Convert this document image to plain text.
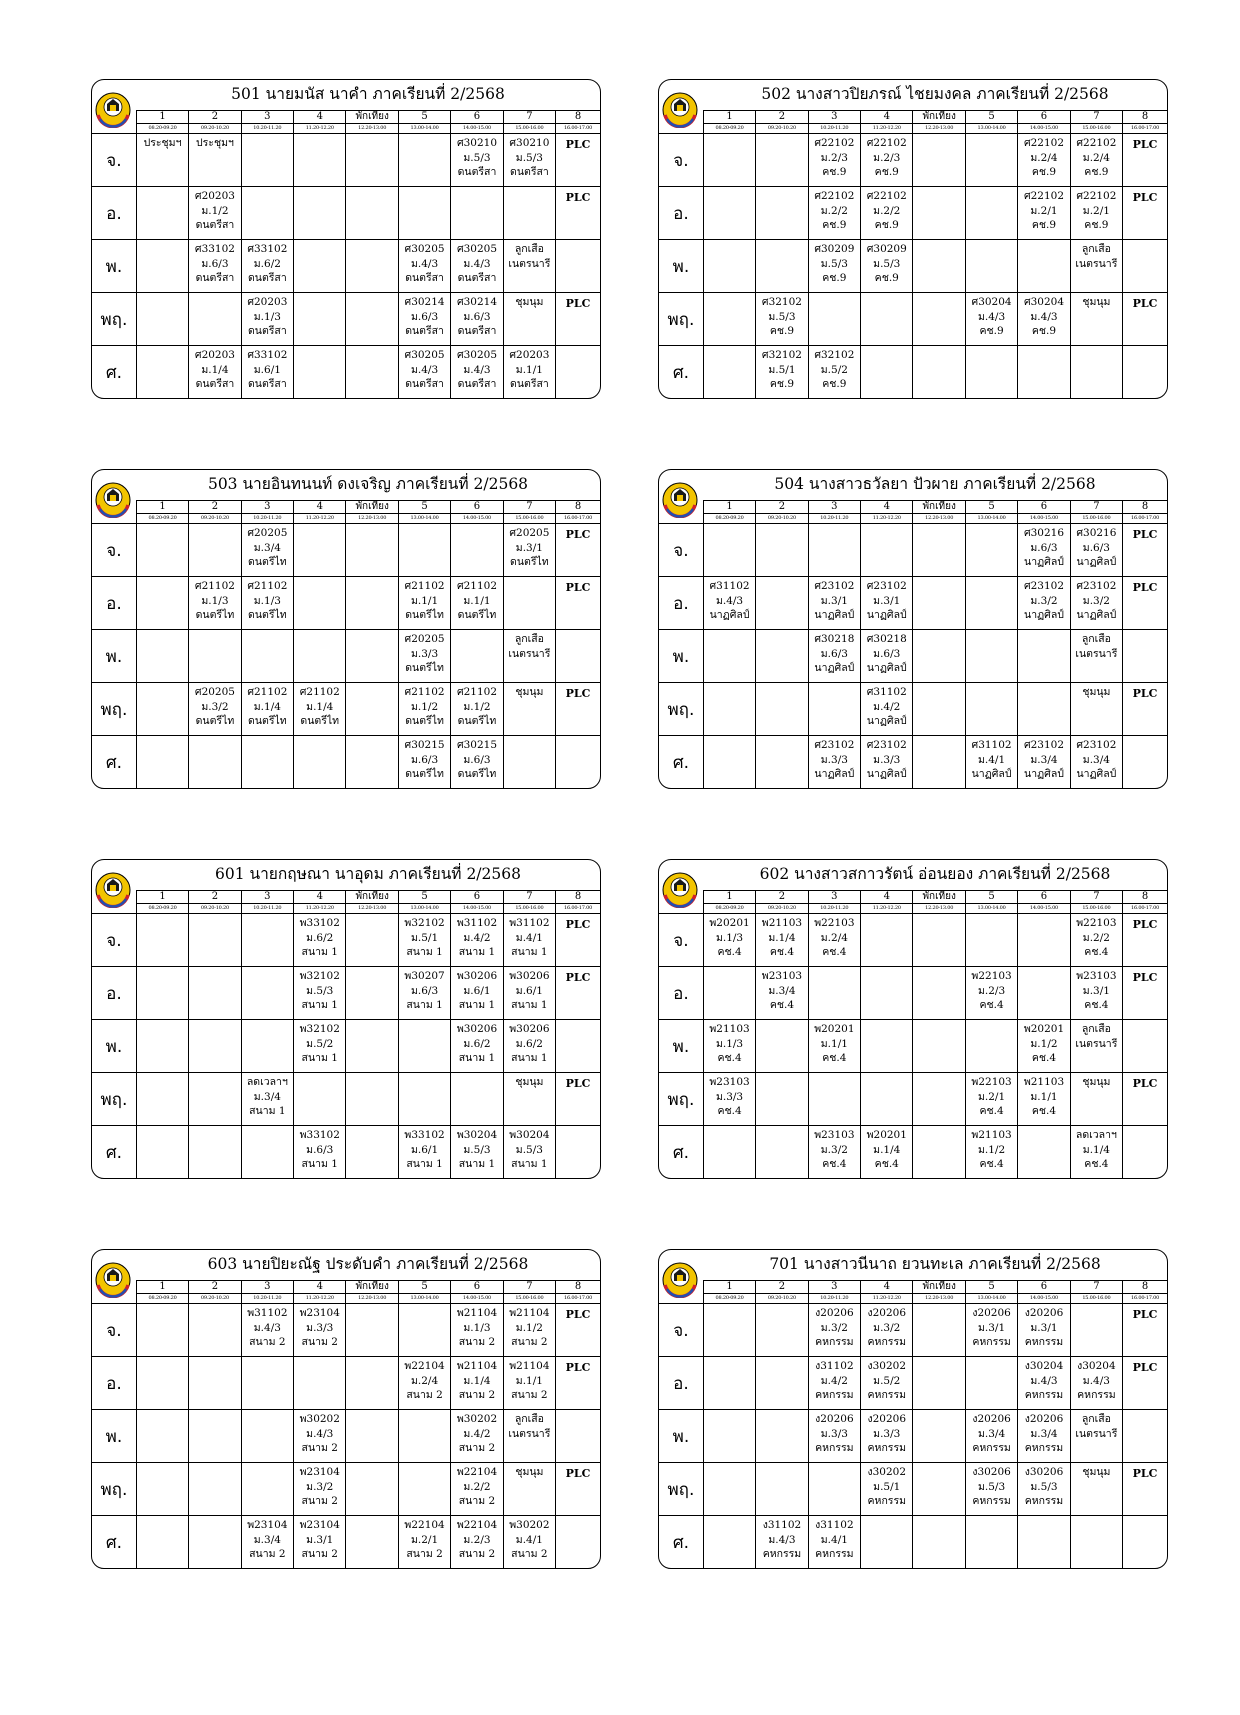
501 นายมนัส นาคำ ภาคเรียนที่ 2/2568
	1	2	3	4	พักเที่ยง	5	6	7	8
	08.20-09.20	09.20-10.20	10.20-11.20	11.20-12.20	12.20-13.00	13.00-14.00	14.00-15.00	15.00-16.00	16.00-17.00
จ.	ประชุมฯ	ประชุมฯ					ศ30210
ม.5/3
ดนตรีสา	ศ30210
ม.5/3
ดนตรีสา	PLC

อ.		ศ20203
ม.1/2
ดนตรีสา							PLC

พ.		ศ33102
ม.6/3
ดนตรีสา	ศ33102
ม.6/2
ดนตรีสา			ศ30205
ม.4/3
ดนตรีสา	ศ30205
ม.4/3
ดนตรีสา	ลูกเสือ
เนตรนารี	

พฤ.			ศ20203
ม.1/3
ดนตรีสา			ศ30214
ม.6/3
ดนตรีสา	ศ30214
ม.6/3
ดนตรีสา	ชุมนุม	PLC

ศ.		ศ20203
ม.1/4
ดนตรีสา	ศ33102
ม.6/1
ดนตรีสา			ศ30205
ม.4/3
ดนตรีสา	ศ30205
ม.4/3
ดนตรีสา	ศ20203
ม.1/1
ดนตรีสา	

502 นางสาวปิยภรณ์ ไชยมงคล ภาคเรียนที่ 2/2568
	1	2	3	4	พักเที่ยง	5	6	7	8
	08.20-09.20	09.20-10.20	10.20-11.20	11.20-12.20	12.20-13.00	13.00-14.00	14.00-15.00	15.00-16.00	16.00-17.00
จ.			ศ22102
ม.2/3
คช.9	ศ22102
ม.2/3
คช.9			ศ22102
ม.2/4
คช.9	ศ22102
ม.2/4
คช.9	PLC

อ.			ศ22102
ม.2/2
คช.9	ศ22102
ม.2/2
คช.9			ศ22102
ม.2/1
คช.9	ศ22102
ม.2/1
คช.9	PLC

พ.			ศ30209
ม.5/3
คช.9	ศ30209
ม.5/3
คช.9				ลูกเสือ
เนตรนารี	

พฤ.		ศ32102
ม.5/3
คช.9				ศ30204
ม.4/3
คช.9	ศ30204
ม.4/3
คช.9	ชุมนุม	PLC

ศ.		ศ32102
ม.5/1
คช.9	ศ32102
ม.5/2
คช.9						

503 นายอินทนนท์ ดงเจริญ ภาคเรียนที่ 2/2568
	1	2	3	4	พักเที่ยง	5	6	7	8
	08.20-09.20	09.20-10.20	10.20-11.20	11.20-12.20	12.20-13.00	13.00-14.00	14.00-15.00	15.00-16.00	16.00-17.00
จ.			ศ20205
ม.3/4
ดนตรีไท					ศ20205
ม.3/1
ดนตรีไท	PLC

อ.		ศ21102
ม.1/3
ดนตรีไท	ศ21102
ม.1/3
ดนตรีไท			ศ21102
ม.1/1
ดนตรีไท	ศ21102
ม.1/1
ดนตรีไท		PLC

พ.						ศ20205
ม.3/3
ดนตรีไท		ลูกเสือ
เนตรนารี	

พฤ.		ศ20205
ม.3/2
ดนตรีไท	ศ21102
ม.1/4
ดนตรีไท	ศ21102
ม.1/4
ดนตรีไท		ศ21102
ม.1/2
ดนตรีไท	ศ21102
ม.1/2
ดนตรีไท	ชุมนุม	PLC

ศ.						ศ30215
ม.6/3
ดนตรีไท	ศ30215
ม.6/3
ดนตรีไท		

504 นางสาวธวัลยา ปัวผาย ภาคเรียนที่ 2/2568
	1	2	3	4	พักเที่ยง	5	6	7	8
	08.20-09.20	09.20-10.20	10.20-11.20	11.20-12.20	12.20-13.00	13.00-14.00	14.00-15.00	15.00-16.00	16.00-17.00
จ.							ศ30216
ม.6/3
นาฏศิลป์	ศ30216
ม.6/3
นาฏศิลป์	PLC

อ.	ศ31102
ม.4/3
นาฏศิลป์		ศ23102
ม.3/1
นาฏศิลป์	ศ23102
ม.3/1
นาฏศิลป์			ศ23102
ม.3/2
นาฏศิลป์	ศ23102
ม.3/2
นาฏศิลป์	PLC

พ.			ศ30218
ม.6/3
นาฏศิลป์	ศ30218
ม.6/3
นาฏศิลป์				ลูกเสือ
เนตรนารี	

พฤ.				ศ31102
ม.4/2
นาฏศิลป์				ชุมนุม	PLC

ศ.			ศ23102
ม.3/3
นาฏศิลป์	ศ23102
ม.3/3
นาฏศิลป์		ศ31102
ม.4/1
นาฏศิลป์	ศ23102
ม.3/4
นาฏศิลป์	ศ23102
ม.3/4
นาฏศิลป์	

601 นายกฤษณา นาอุดม ภาคเรียนที่ 2/2568
	1	2	3	4	พักเที่ยง	5	6	7	8
	08.20-09.20	09.20-10.20	10.20-11.20	11.20-12.20	12.20-13.00	13.00-14.00	14.00-15.00	15.00-16.00	16.00-17.00
จ.				พ33102
ม.6/2
สนาม 1		พ32102
ม.5/1
สนาม 1	พ31102
ม.4/2
สนาม 1	พ31102
ม.4/1
สนาม 1	PLC

อ.				พ32102
ม.5/3
สนาม 1		พ30207
ม.6/3
สนาม 1	พ30206
ม.6/1
สนาม 1	พ30206
ม.6/1
สนาม 1	PLC

พ.				พ32102
ม.5/2
สนาม 1			พ30206
ม.6/2
สนาม 1	พ30206
ม.6/2
สนาม 1	

พฤ.			ลดเวลาฯ
ม.3/4
สนาม 1					ชุมนุม	PLC

ศ.				พ33102
ม.6/3
สนาม 1		พ33102
ม.6/1
สนาม 1	พ30204
ม.5/3
สนาม 1	พ30204
ม.5/3
สนาม 1	

602 นางสาวสกาวรัตน์ อ่อนยอง ภาคเรียนที่ 2/2568
	1	2	3	4	พักเที่ยง	5	6	7	8
	08.20-09.20	09.20-10.20	10.20-11.20	11.20-12.20	12.20-13.00	13.00-14.00	14.00-15.00	15.00-16.00	16.00-17.00
จ.	พ20201
ม.1/3
คช.4	พ21103
ม.1/4
คช.4	พ22103
ม.2/4
คช.4					พ22103
ม.2/2
คช.4	PLC

อ.		พ23103
ม.3/4
คช.4				พ22103
ม.2/3
คช.4		พ23103
ม.3/1
คช.4	PLC

พ.	พ21103
ม.1/3
คช.4		พ20201
ม.1/1
คช.4				พ20201
ม.1/2
คช.4	ลูกเสือ
เนตรนารี	

พฤ.	พ23103
ม.3/3
คช.4					พ22103
ม.2/1
คช.4	พ21103
ม.1/1
คช.4	ชุมนุม	PLC

ศ.			พ23103
ม.3/2
คช.4	พ20201
ม.1/4
คช.4		พ21103
ม.1/2
คช.4		ลดเวลาฯ
ม.1/4
คช.4	

603 นายปิยะณัฐ ประดับคำ ภาคเรียนที่ 2/2568
	1	2	3	4	พักเที่ยง	5	6	7	8
	08.20-09.20	09.20-10.20	10.20-11.20	11.20-12.20	12.20-13.00	13.00-14.00	14.00-15.00	15.00-16.00	16.00-17.00
จ.			พ31102
ม.4/3
สนาม 2	พ23104
ม.3/3
สนาม 2			พ21104
ม.1/3
สนาม 2	พ21104
ม.1/2
สนาม 2	PLC

อ.						พ22104
ม.2/4
สนาม 2	พ21104
ม.1/4
สนาม 2	พ21104
ม.1/1
สนาม 2	PLC

พ.				พ30202
ม.4/3
สนาม 2			พ30202
ม.4/2
สนาม 2	ลูกเสือ
เนตรนารี	

พฤ.				พ23104
ม.3/2
สนาม 2			พ22104
ม.2/2
สนาม 2	ชุมนุม	PLC

ศ.			พ23104
ม.3/4
สนาม 2	พ23104
ม.3/1
สนาม 2		พ22104
ม.2/1
สนาม 2	พ22104
ม.2/3
สนาม 2	พ30202
ม.4/1
สนาม 2	

701 นางสาวนีนาถ ยวนทะเล ภาคเรียนที่ 2/2568
	1	2	3	4	พักเที่ยง	5	6	7	8
	08.20-09.20	09.20-10.20	10.20-11.20	11.20-12.20	12.20-13.00	13.00-14.00	14.00-15.00	15.00-16.00	16.00-17.00
จ.			ง20206
ม.3/2
คหกรรม	ง20206
ม.3/2
คหกรรม		ง20206
ม.3/1
คหกรรม	ง20206
ม.3/1
คหกรรม		PLC

อ.			ง31102
ม.4/2
คหกรรม	ง30202
ม.5/2
คหกรรม			ง30204
ม.4/3
คหกรรม	ง30204
ม.4/3
คหกรรม	PLC

พ.			ง20206
ม.3/3
คหกรรม	ง20206
ม.3/3
คหกรรม		ง20206
ม.3/4
คหกรรม	ง20206
ม.3/4
คหกรรม	ลูกเสือ
เนตรนารี	

พฤ.				ง30202
ม.5/1
คหกรรม		ง30206
ม.5/3
คหกรรม	ง30206
ม.5/3
คหกรรม	ชุมนุม	PLC

ศ.		ง31102
ม.4/3
คหกรรม	ง31102
ม.4/1
คหกรรม						
